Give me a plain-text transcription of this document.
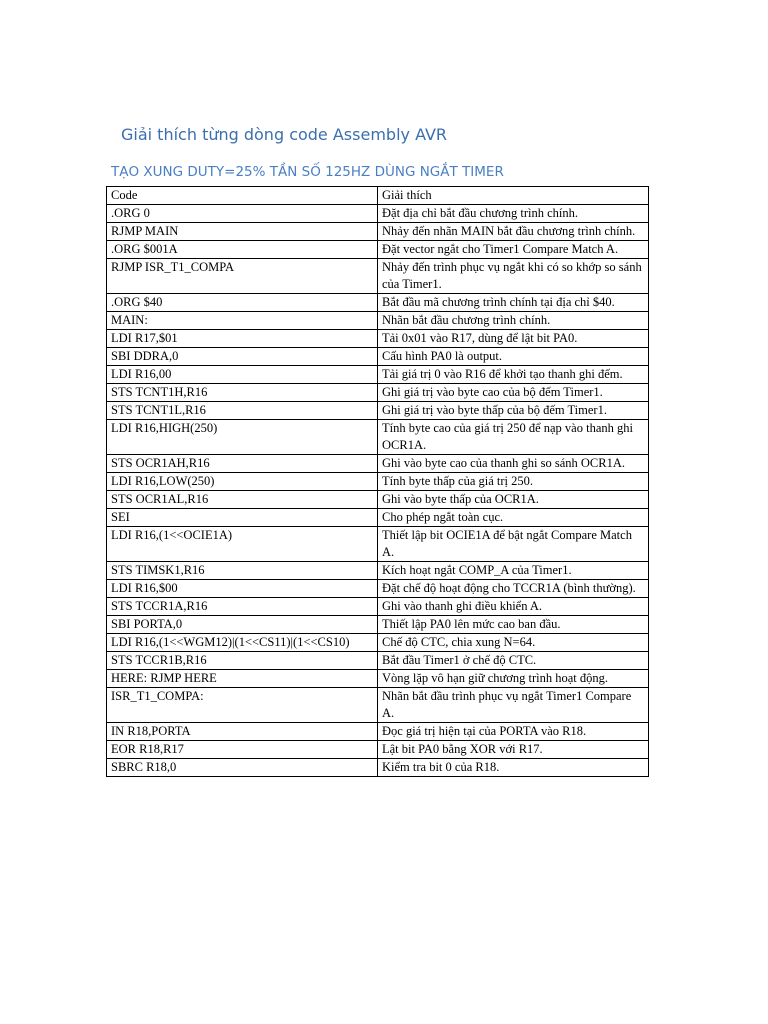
Giải thích từng dòng code Assembly AVR
TẠO XUNG DUTY=25% TẦN SỐ 125HZ DÙNG NGẮT TIMER
Code	Giải thích
.ORG 0	Đặt địa chỉ bắt đầu chương trình chính.
RJMP MAIN	Nhảy đến nhãn MAIN bắt đầu chương trình chính.
.ORG $001A	Đặt vector ngắt cho Timer1 Compare Match A.
RJMP ISR_T1_COMPA	Nhảy đến trình phục vụ ngắt khi có so khớp so sánh của Timer1.
.ORG $40	Bắt đầu mã chương trình chính tại địa chỉ $40.
MAIN:	Nhãn bắt đầu chương trình chính.
LDI R17,$01	Tải 0x01 vào R17, dùng để lật bit PA0.
SBI DDRA,0	Cấu hình PA0 là output.
LDI R16,00	Tải giá trị 0 vào R16 để khởi tạo thanh ghi đếm.
STS TCNT1H,R16	Ghi giá trị vào byte cao của bộ đếm Timer1.
STS TCNT1L,R16	Ghi giá trị vào byte thấp của bộ đếm Timer1.
LDI R16,HIGH(250)	Tính byte cao của giá trị 250 để nạp vào thanh ghi OCR1A.
STS OCR1AH,R16	Ghi vào byte cao của thanh ghi so sánh OCR1A.
LDI R16,LOW(250)	Tính byte thấp của giá trị 250.
STS OCR1AL,R16	Ghi vào byte thấp của OCR1A.
SEI	Cho phép ngắt toàn cục.
LDI R16,(1<<OCIE1A)	Thiết lập bit OCIE1A để bật ngắt Compare Match A.
STS TIMSK1,R16	Kích hoạt ngắt COMP_A của Timer1.
LDI R16,$00	Đặt chế độ hoạt động cho TCCR1A (bình thường).
STS TCCR1A,R16	Ghi vào thanh ghi điều khiển A.
SBI PORTA,0	Thiết lập PA0 lên mức cao ban đầu.
LDI R16,(1<<WGM12)|(1<<CS11)|(1<<CS10)	Chế độ CTC, chia xung N=64.
STS TCCR1B,R16	Bắt đầu Timer1 ở chế độ CTC.
HERE: RJMP HERE	Vòng lặp vô hạn giữ chương trình hoạt động.
ISR_T1_COMPA:	Nhãn bắt đầu trình phục vụ ngắt Timer1 Compare A.
IN R18,PORTA	Đọc giá trị hiện tại của PORTA vào R18.
EOR R18,R17	Lật bit PA0 bằng XOR với R17.
SBRC R18,0	Kiểm tra bit 0 của R18.
